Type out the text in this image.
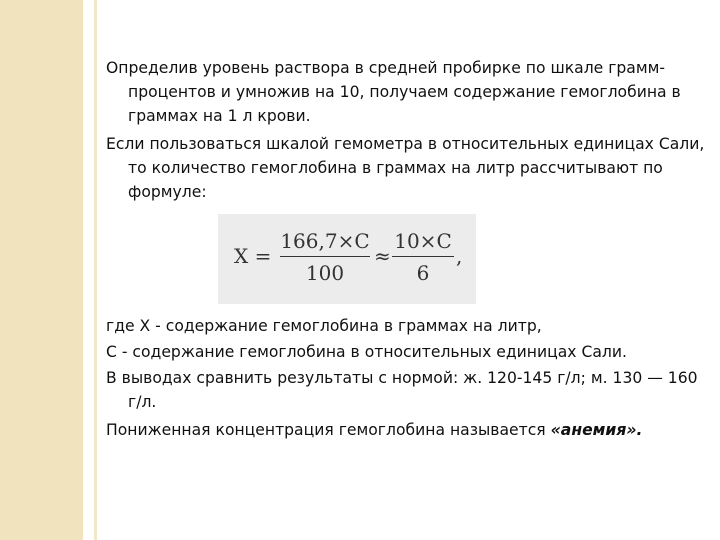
Определив уровень раствора в средней пробирке по шкале грамм-процентов и умножив на 10, получаем содержание гемоглобина в граммах на 1 л крови.

Если пользоваться шкалой гемометра в относительных единицах Сали, то количество гемоглобина в граммах на литр рассчитывают по формуле:

X =
166,7×C
100
≈
10×C
6
,

где Х - содержание гемоглобина в граммах на литр,

С - содержание гемоглобина в относительных единицах Сали.

В выводах сравнить результаты с нормой: ж. 120-145 г/л; м. 130 — 160 г/л.

Пониженная концентрация гемоглобина называется «анемия».
